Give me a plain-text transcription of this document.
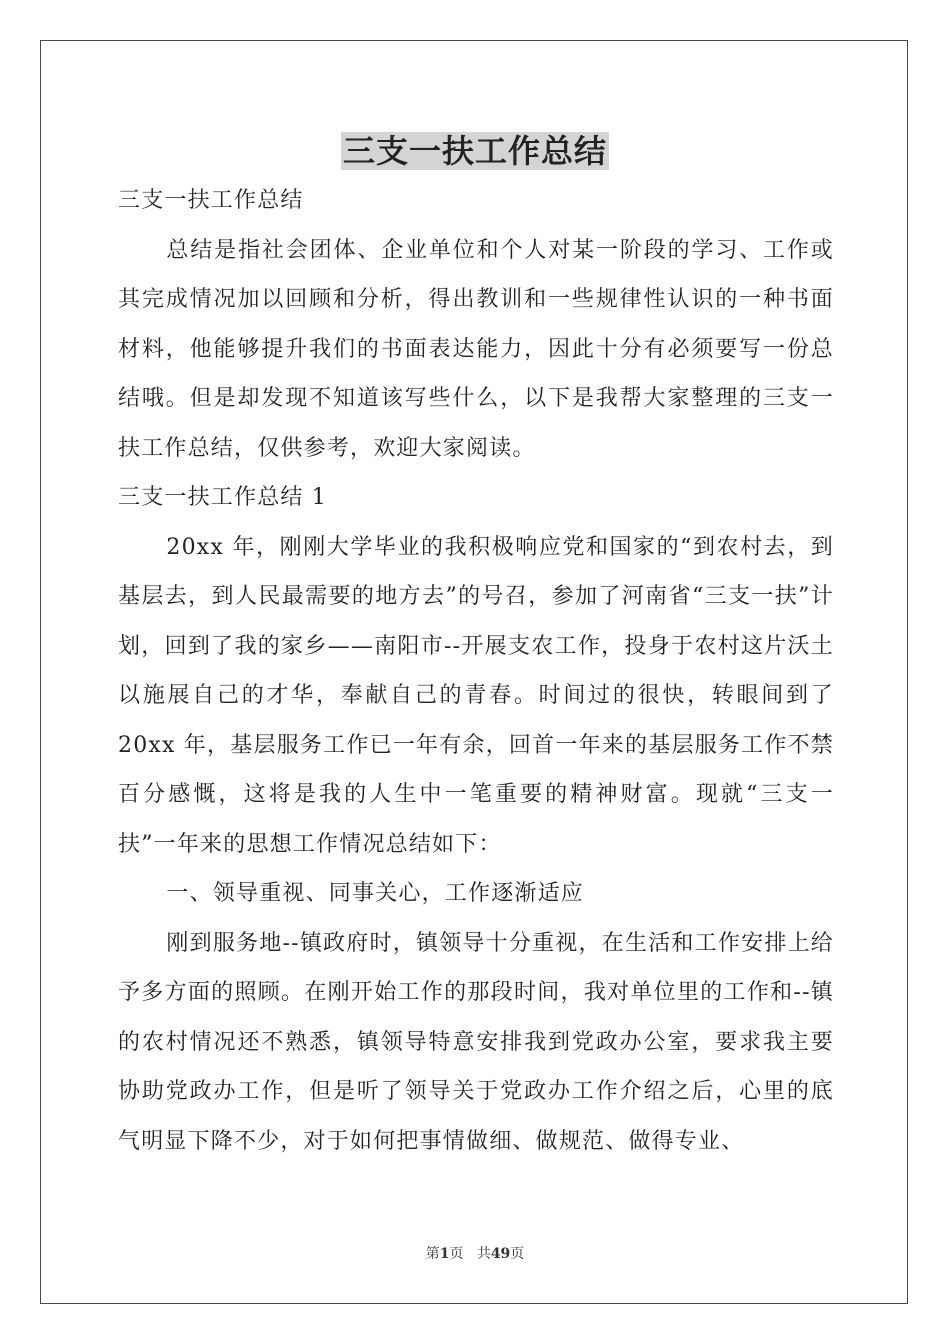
三支一扶工作总结

三支一扶工作总结

总结是指社会团体、企业单位和个人对某一阶段的学习、工作或其完成情况加以回顾和分析，得出教训和一些规律性认识的一种书面材料，他能够提升我们的书面表达能力，因此十分有必须要写一份总结哦。但是却发现不知道该写些什么，以下是我帮大家整理的三支一扶工作总结，仅供参考，欢迎大家阅读。

三支一扶工作总结 1

20xx 年，刚刚大学毕业的我积极响应党和国家的“到农村去，到基层去，到人民最需要的地方去”的号召，参加了河南省“三支一扶”计划，回到了我的家乡——南阳市--开展支农工作，投身于农村这片沃土以施展自己的才华，奉献自己的青春。时间过的很快，转眼间到了 20xx 年，基层服务工作已一年有余，回首一年来的基层服务工作不禁百分感慨，这将是我的人生中一笔重要的精神财富。现就“三支一扶”一年来的思想工作情况总结如下：

一、领导重视、同事关心，工作逐渐适应

刚到服务地--镇政府时，镇领导十分重视，在生活和工作安排上给予多方面的照顾。在刚开始工作的那段时间，我对单位里的工作和--镇的农村情况还不熟悉，镇领导特意安排我到党政办公室，要求我主要协助党政办工作，但是听了领导关于党政办工作介绍之后，心里的底气明显下降不少，对于如何把事情做细、做规范、做得专业、

第1页 共49页
